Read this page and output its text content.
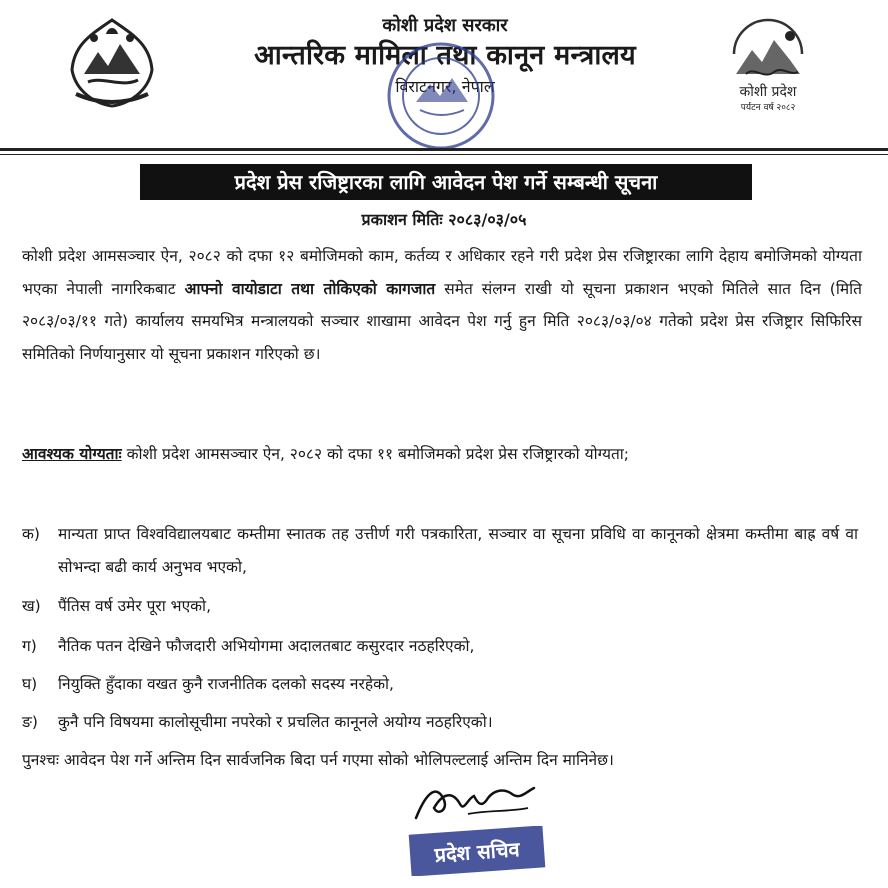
कोशी प्रदेश सरकार
आन्तरिक मामिला तथा कानून मन्त्रालय
विराटनगर, नेपाल	कोशी प्रदेश
पर्यटन वर्ष २०८२
प्रदेश प्रेस रजिष्ट्रारका लागि आवेदन पेश गर्ने सम्बन्धी सूचना
प्रकाशन मितिः २०८३/०३/०५
कोशी प्रदेश आमसञ्चार ऐन, २०८२ को दफा १२ बमोजिमको काम, कर्तव्य र अधिकार रहने गरी प्रदेश प्रेस रजिष्ट्रारका लागि देहाय बमोजिमको योग्यता भएका नेपाली नागरिकबाट आफ्नो वायोडाटा तथा तोकिएको कागजात समेत संलग्न राखी यो सूचना प्रकाशन भएको मितिले सात दिन (मिति २०८३/०३/११ गते) कार्यालय समयभित्र मन्त्रालयको सञ्चार शाखामा आवेदन पेश गर्नु हुन मिति २०८३/०३/०४ गतेको प्रदेश प्रेस रजिष्ट्रार सिफिरिस समितिको निर्णयानुसार यो सूचना प्रकाशन गरिएको छ।
आवश्यक योग्यताः कोशी प्रदेश आमसञ्चार ऐन, २०८२ को दफा ११ बमोजिमको प्रदेश प्रेस रजिष्ट्रारको योग्यता;
क) मान्यता प्राप्त विश्वविद्यालयबाट कम्तीमा स्नातक तह उत्तीर्ण गरी पत्रकारिता, सञ्चार वा सूचना प्रविधि वा कानूनको क्षेत्रमा कम्तीमा बाह्र वर्ष वा सोभन्दा बढी कार्य अनुभव भएको,
ख) पैंतिस वर्ष उमेर पूरा भएको,
ग) नैतिक पतन देखिने फौजदारी अभियोगमा अदालतबाट कसुरदार नठहरिएको,
घ) नियुक्ति हुँदाका वखत कुनै राजनीतिक दलको सदस्य नरहेको,
ङ) कुनै पनि विषयमा कालोसूचीमा नपरेको र प्रचलित कानूनले अयोग्य नठहरिएको।
पुनश्चः आवेदन पेश गर्ने अन्तिम दिन सार्वजनिक बिदा पर्न गएमा सोको भोलिपल्टलाई अन्तिम दिन मानिनेछ।
प्रदेश सचिव
